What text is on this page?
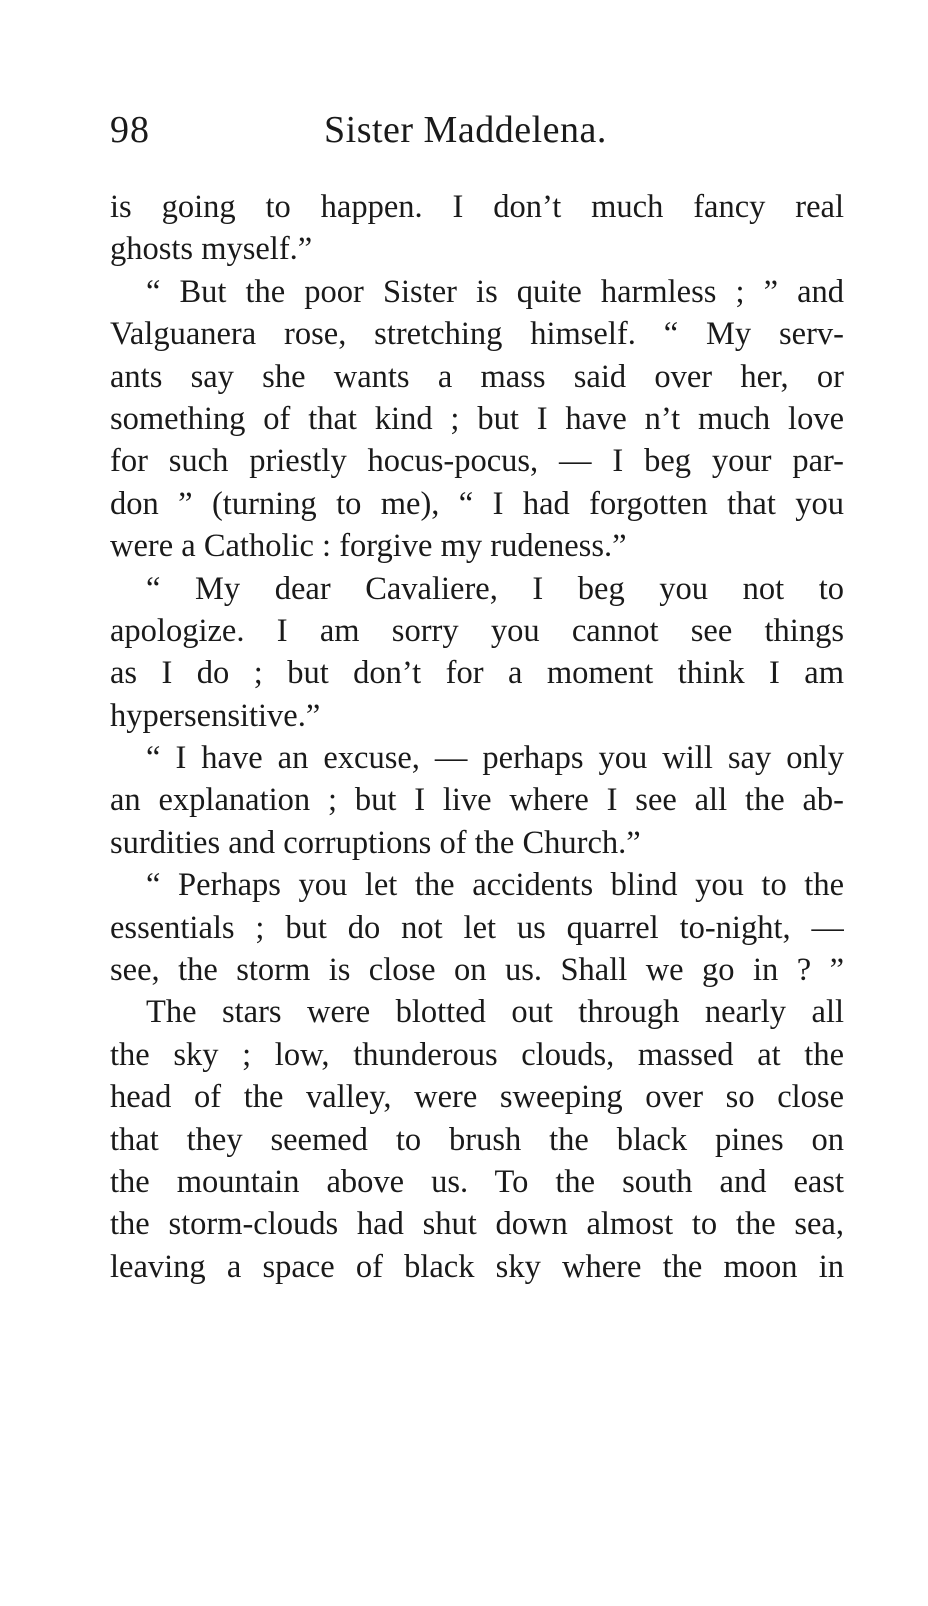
98	Sister Maddelena.
is going to happen. I don’t much fancy real
ghosts myself.”
“ But the poor Sister is quite harmless ; ” and
Valguanera rose, stretching himself. “ My serv-
ants say she wants a mass said over her, or
something of that kind ; but I have n’t much love
for such priestly hocus-pocus, — I beg your par-
don ” (turning to me), “ I had forgotten that you
were a Catholic : forgive my rudeness.”
“ My dear Cavaliere, I beg you not to
apologize. I am sorry you cannot see things
as I do ; but don’t for a moment think I am
hypersensitive.”
“ I have an excuse, — perhaps you will say only
an explanation ; but I live where I see all the ab-
surdities and corruptions of the Church.”
“ Perhaps you let the accidents blind you to the
essentials ; but do not let us quarrel to-night, —
see, the storm is close on us. Shall we go in ? ”
The stars were blotted out through nearly all
the sky ; low, thunderous clouds, massed at the
head of the valley, were sweeping over so close
that they seemed to brush the black pines on
the mountain above us. To the south and east
the storm-clouds had shut down almost to the sea,
leaving a space of black sky where the moon in
